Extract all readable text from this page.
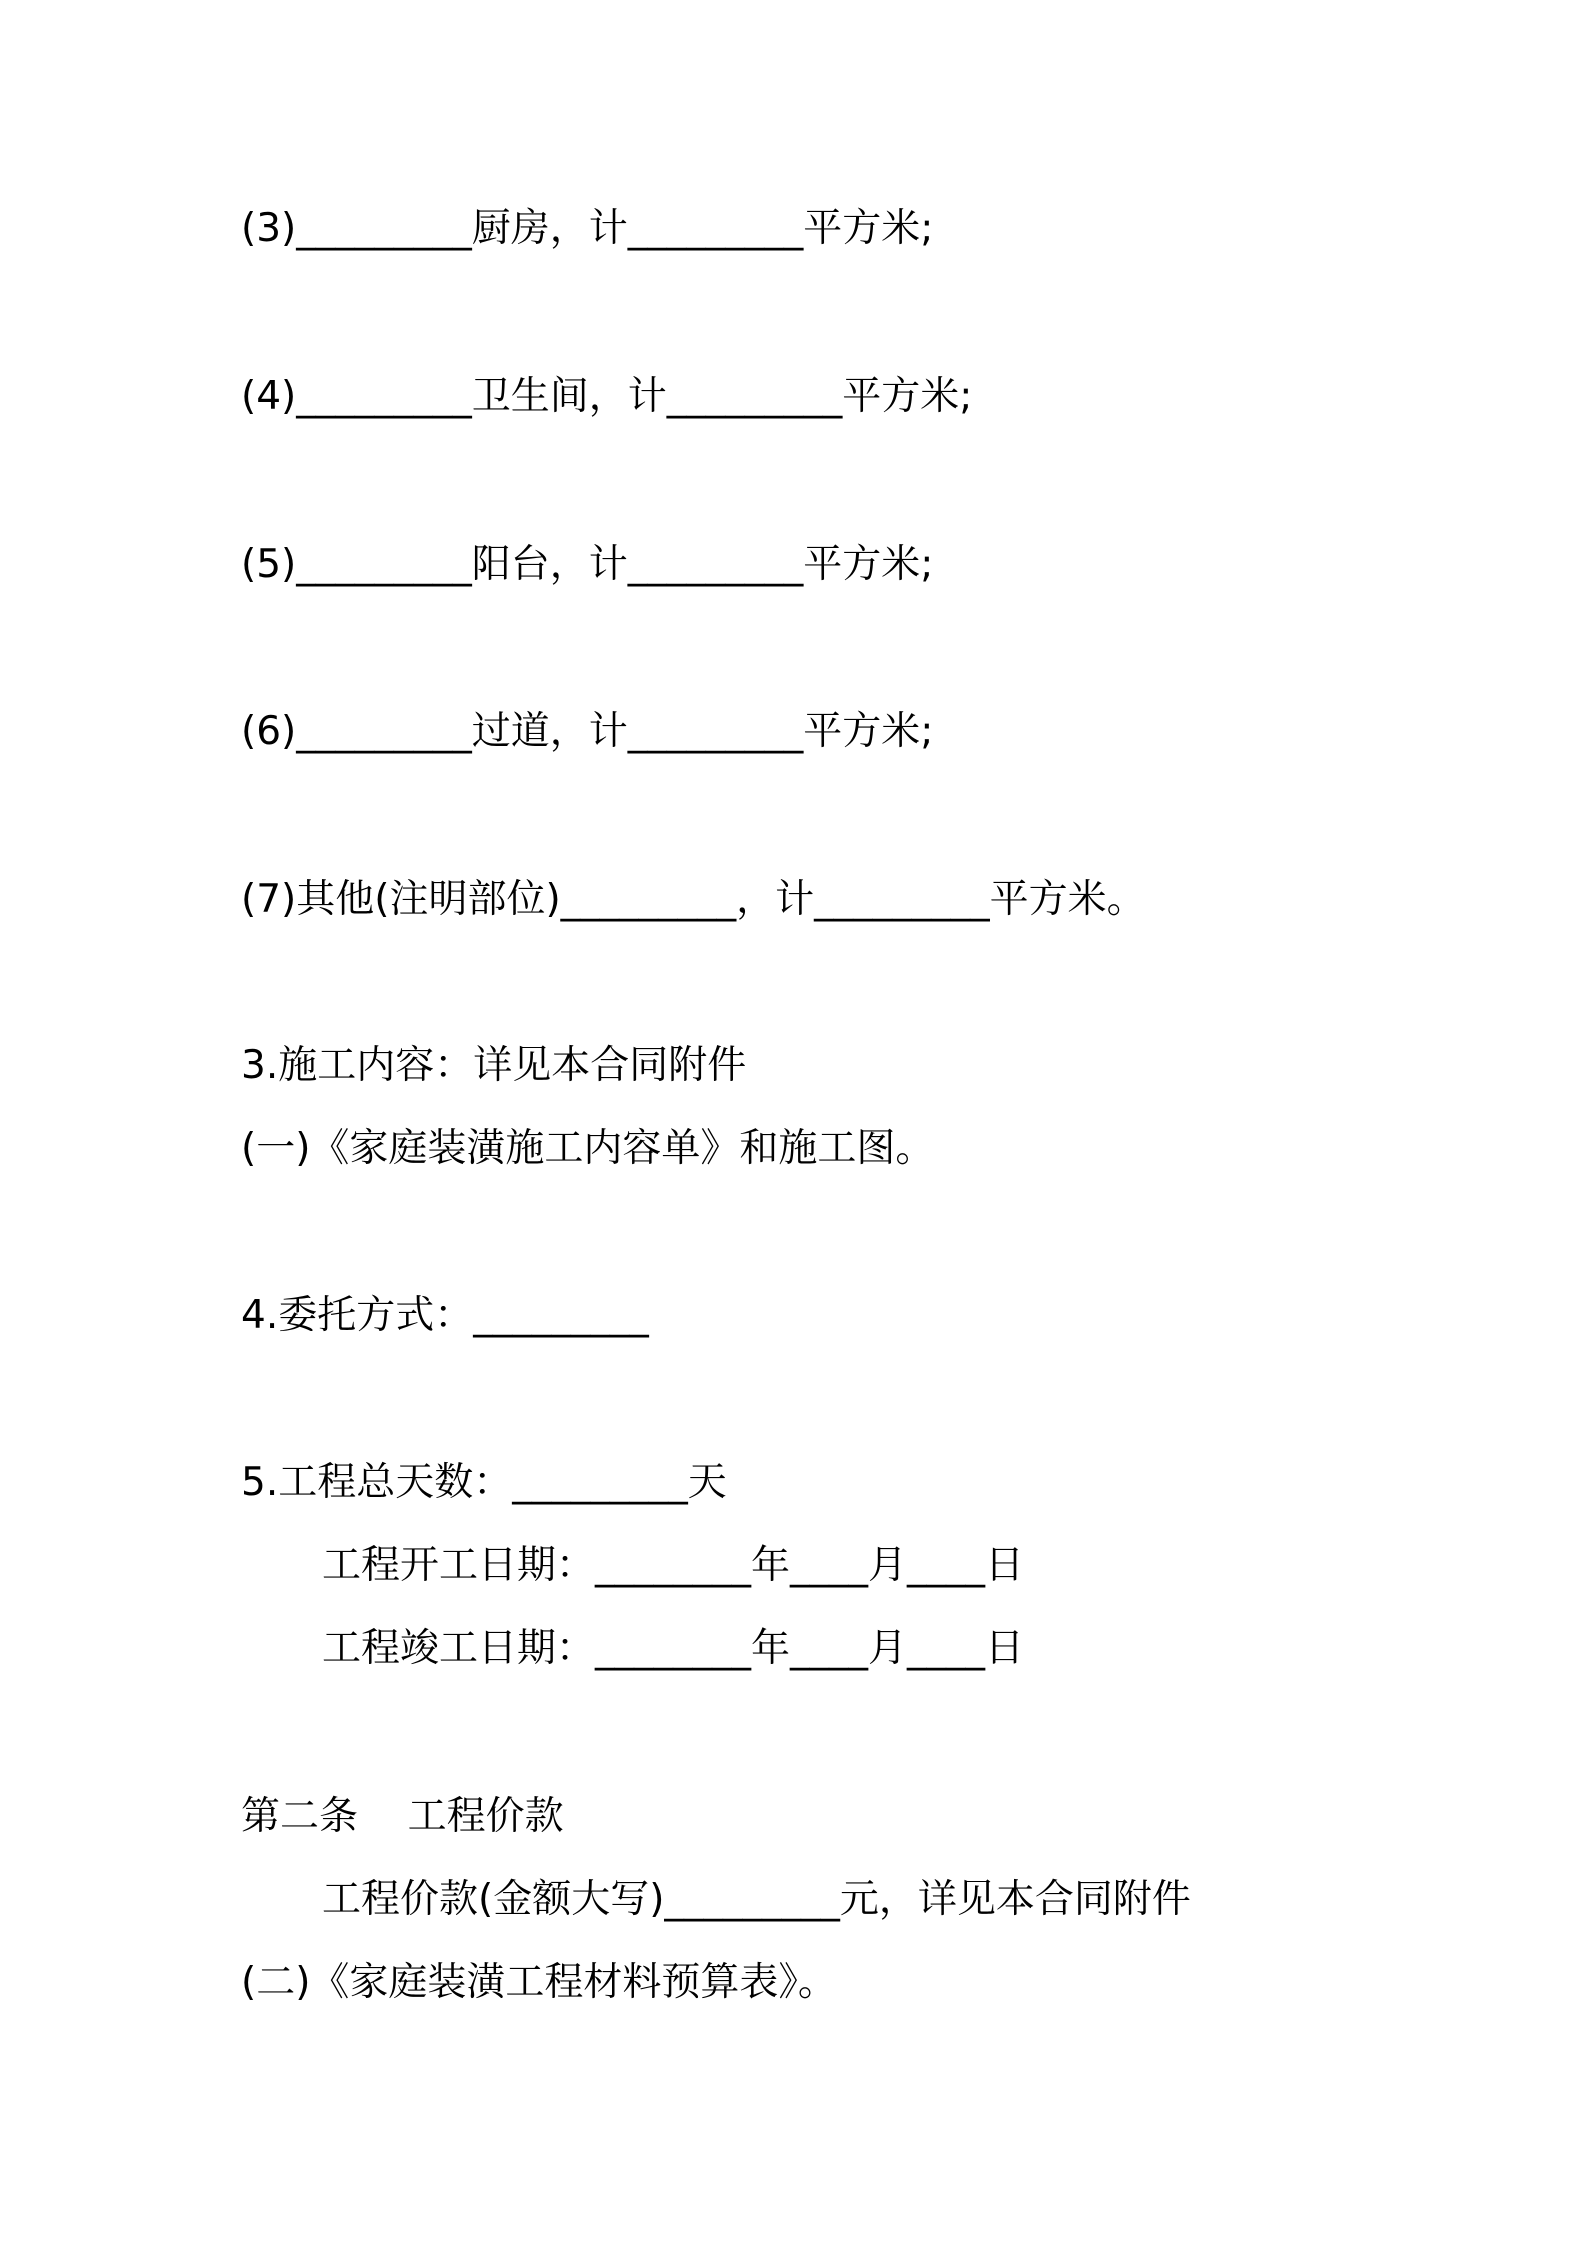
(3)_________厨房，计_________平方米;
(4)_________卫生间，计_________平方米;
(5)_________阳台，计_________平方米;
(6)_________过道，计_________平方米;
(7)其他(注明部位)_________，计_________平方米。
3.施工内容：详见本合同附件
(一)《家庭装潢施工内容单》和施工图。
4.委托方式：_________
5.工程总天数：_________天
工程开工日期：________年____月____日
工程竣工日期：________年____月____日
第二条    工程价款
工程价款(金额大写)_________元，详见本合同附件
(二)《家庭装潢工程材料预算表》。
